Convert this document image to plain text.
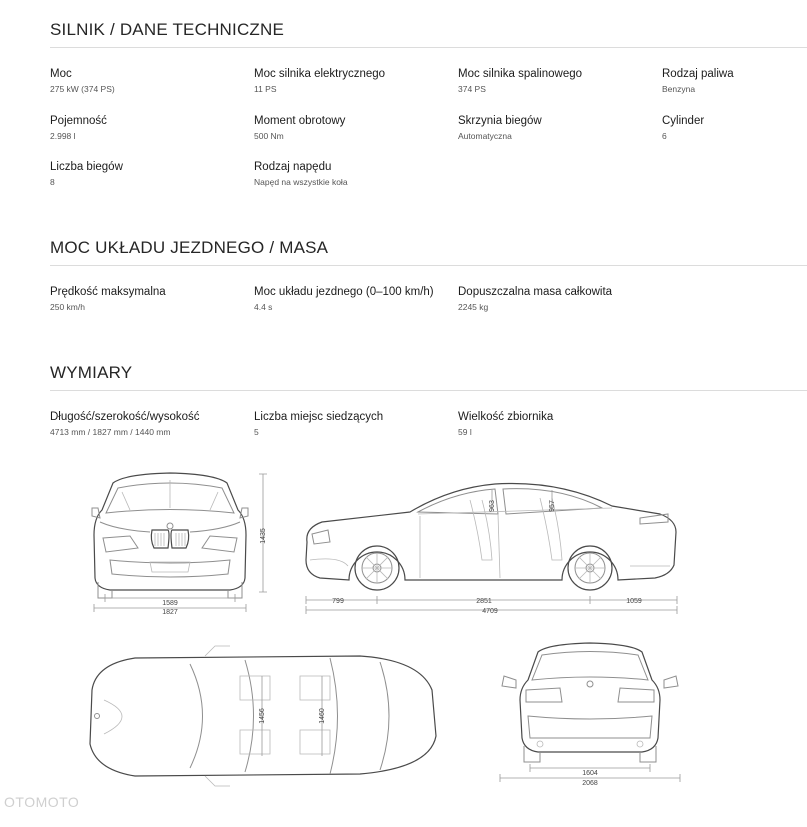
SILNIK / DANE TECHNICZNE
Moc
275 kW (374 PS)
Moc silnika elektrycznego
11 PS
Moc silnika spalinowego
374 PS
Rodzaj paliwa
Benzyna
Pojemność
2.998 l
Moment obrotowy
500 Nm
Skrzynia biegów
Automatyczna
Cylinder
6
Liczba biegów
8
Rodzaj napędu
Napęd na wszystkie koła
MOC UKŁADU JEZDNEGO / MASA
Prędkość maksymalna
250 km/h
Moc układu jezdnego (0–100 km/h)
4.4 s
Dopuszczalna masa całkowita
2245 kg
WYMIARY
Długość/szerokość/wysokość
4713 mm / 1827 mm / 1440 mm
Liczba miejsc siedzących
5
Wielkość zbiornika
59 l
1435
1589
1827
963	957
799	2851	1059
4709
1456	1460
1604
2068
OTOMOTO
